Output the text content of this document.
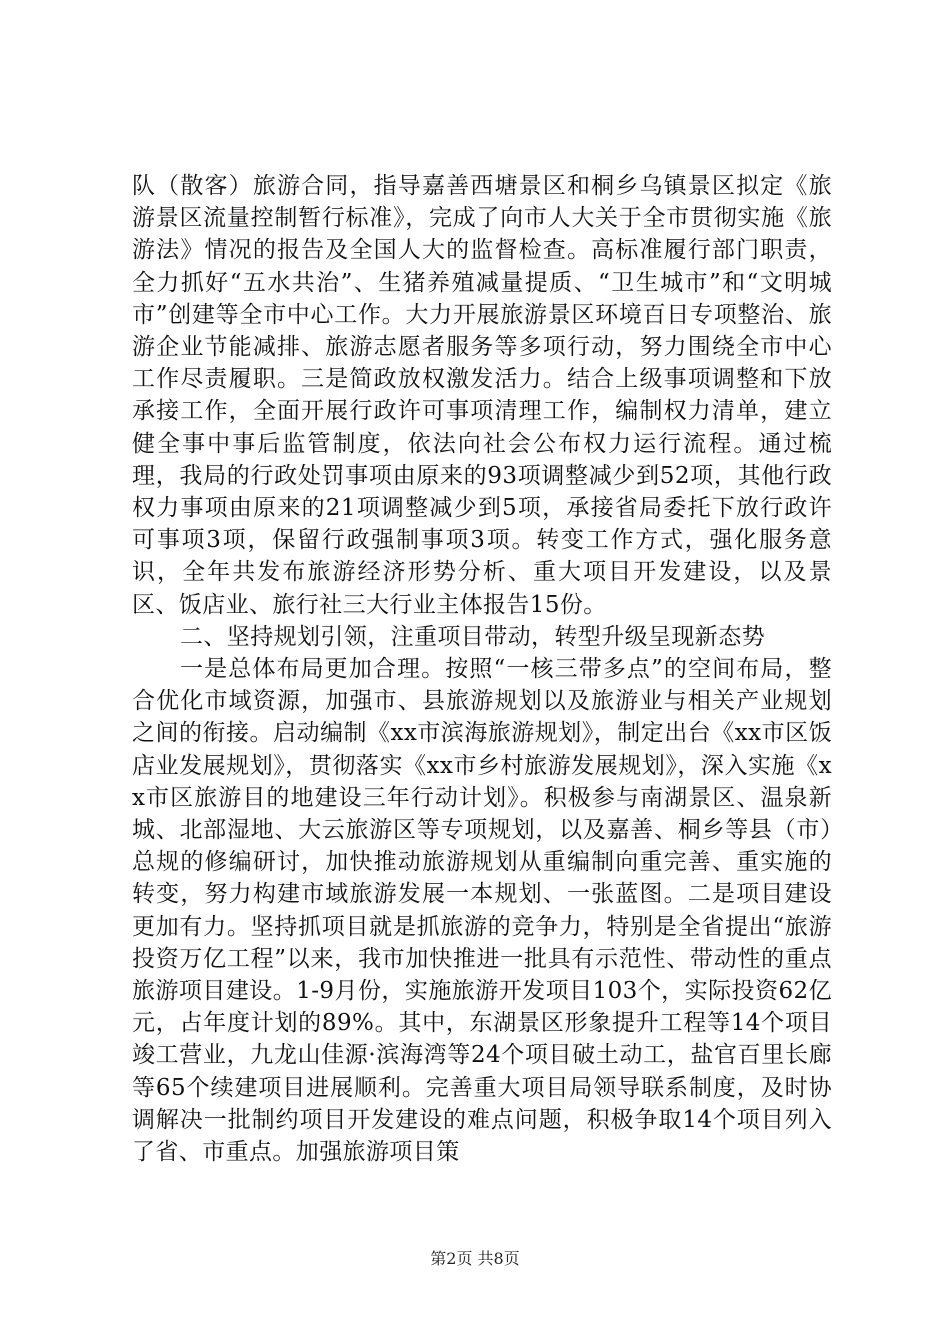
队（散客）旅游合同，指导嘉善西塘景区和桐乡乌镇景区拟定《旅游景区流量控制暂行标准》，完成了向市人大关于全市贯彻实施《旅游法》情况的报告及全国人大的监督检查。高标准履行部门职责，全力抓好“五水共治”、生猪养殖减量提质、“卫生城市”和“文明城市”创建等全市中心工作。大力开展旅游景区环境百日专项整治、旅游企业节能减排、旅游志愿者服务等多项行动，努力围绕全市中心工作尽责履职。三是简政放权激发活力。结合上级事项调整和下放承接工作，全面开展行政许可事项清理工作，编制权力清单，建立健全事中事后监管制度，依法向社会公布权力运行流程。通过梳理，我局的行政处罚事项由原来的93项调整减少到52项，其他行政权力事项由原来的21项调整减少到5项，承接省局委托下放行政许可事项3项，保留行政强制事项3项。转变工作方式，强化服务意识，全年共发布旅游经济形势分析、重大项目开发建设，以及景区、饭店业、旅行社三大行业主体报告15份。

二、坚持规划引领，注重项目带动，转型升级呈现新态势

一是总体布局更加合理。按照“一核三带多点”的空间布局，整合优化市域资源，加强市、县旅游规划以及旅游业与相关产业规划之间的衔接。启动编制《xx市滨海旅游规划》，制定出台《xx市区饭店业发展规划》，贯彻落实《xx市乡村旅游发展规划》，深入实施《xx市区旅游目的地建设三年行动计划》。积极参与南湖景区、温泉新城、北部湿地、大云旅游区等专项规划，以及嘉善、桐乡等县（市）总规的修编研讨，加快推动旅游规划从重编制向重完善、重实施的转变，努力构建市域旅游发展一本规划、一张蓝图。二是项目建设更加有力。坚持抓项目就是抓旅游的竞争力，特别是全省提出“旅游投资万亿工程”以来，我市加快推进一批具有示范性、带动性的重点旅游项目建设。1-9月份，实施旅游开发项目103个，实际投资62亿元，占年度计划的89%。其中，东湖景区形象提升工程等14个项目竣工营业，九龙山佳源·滨海湾等24个项目破土动工，盐官百里长廊等65个续建项目进展顺利。完善重大项目局领导联系制度，及时协调解决一批制约项目开发建设的难点问题，积极争取14个项目列入了省、市重点。加强旅游项目策

第2页 共8页
